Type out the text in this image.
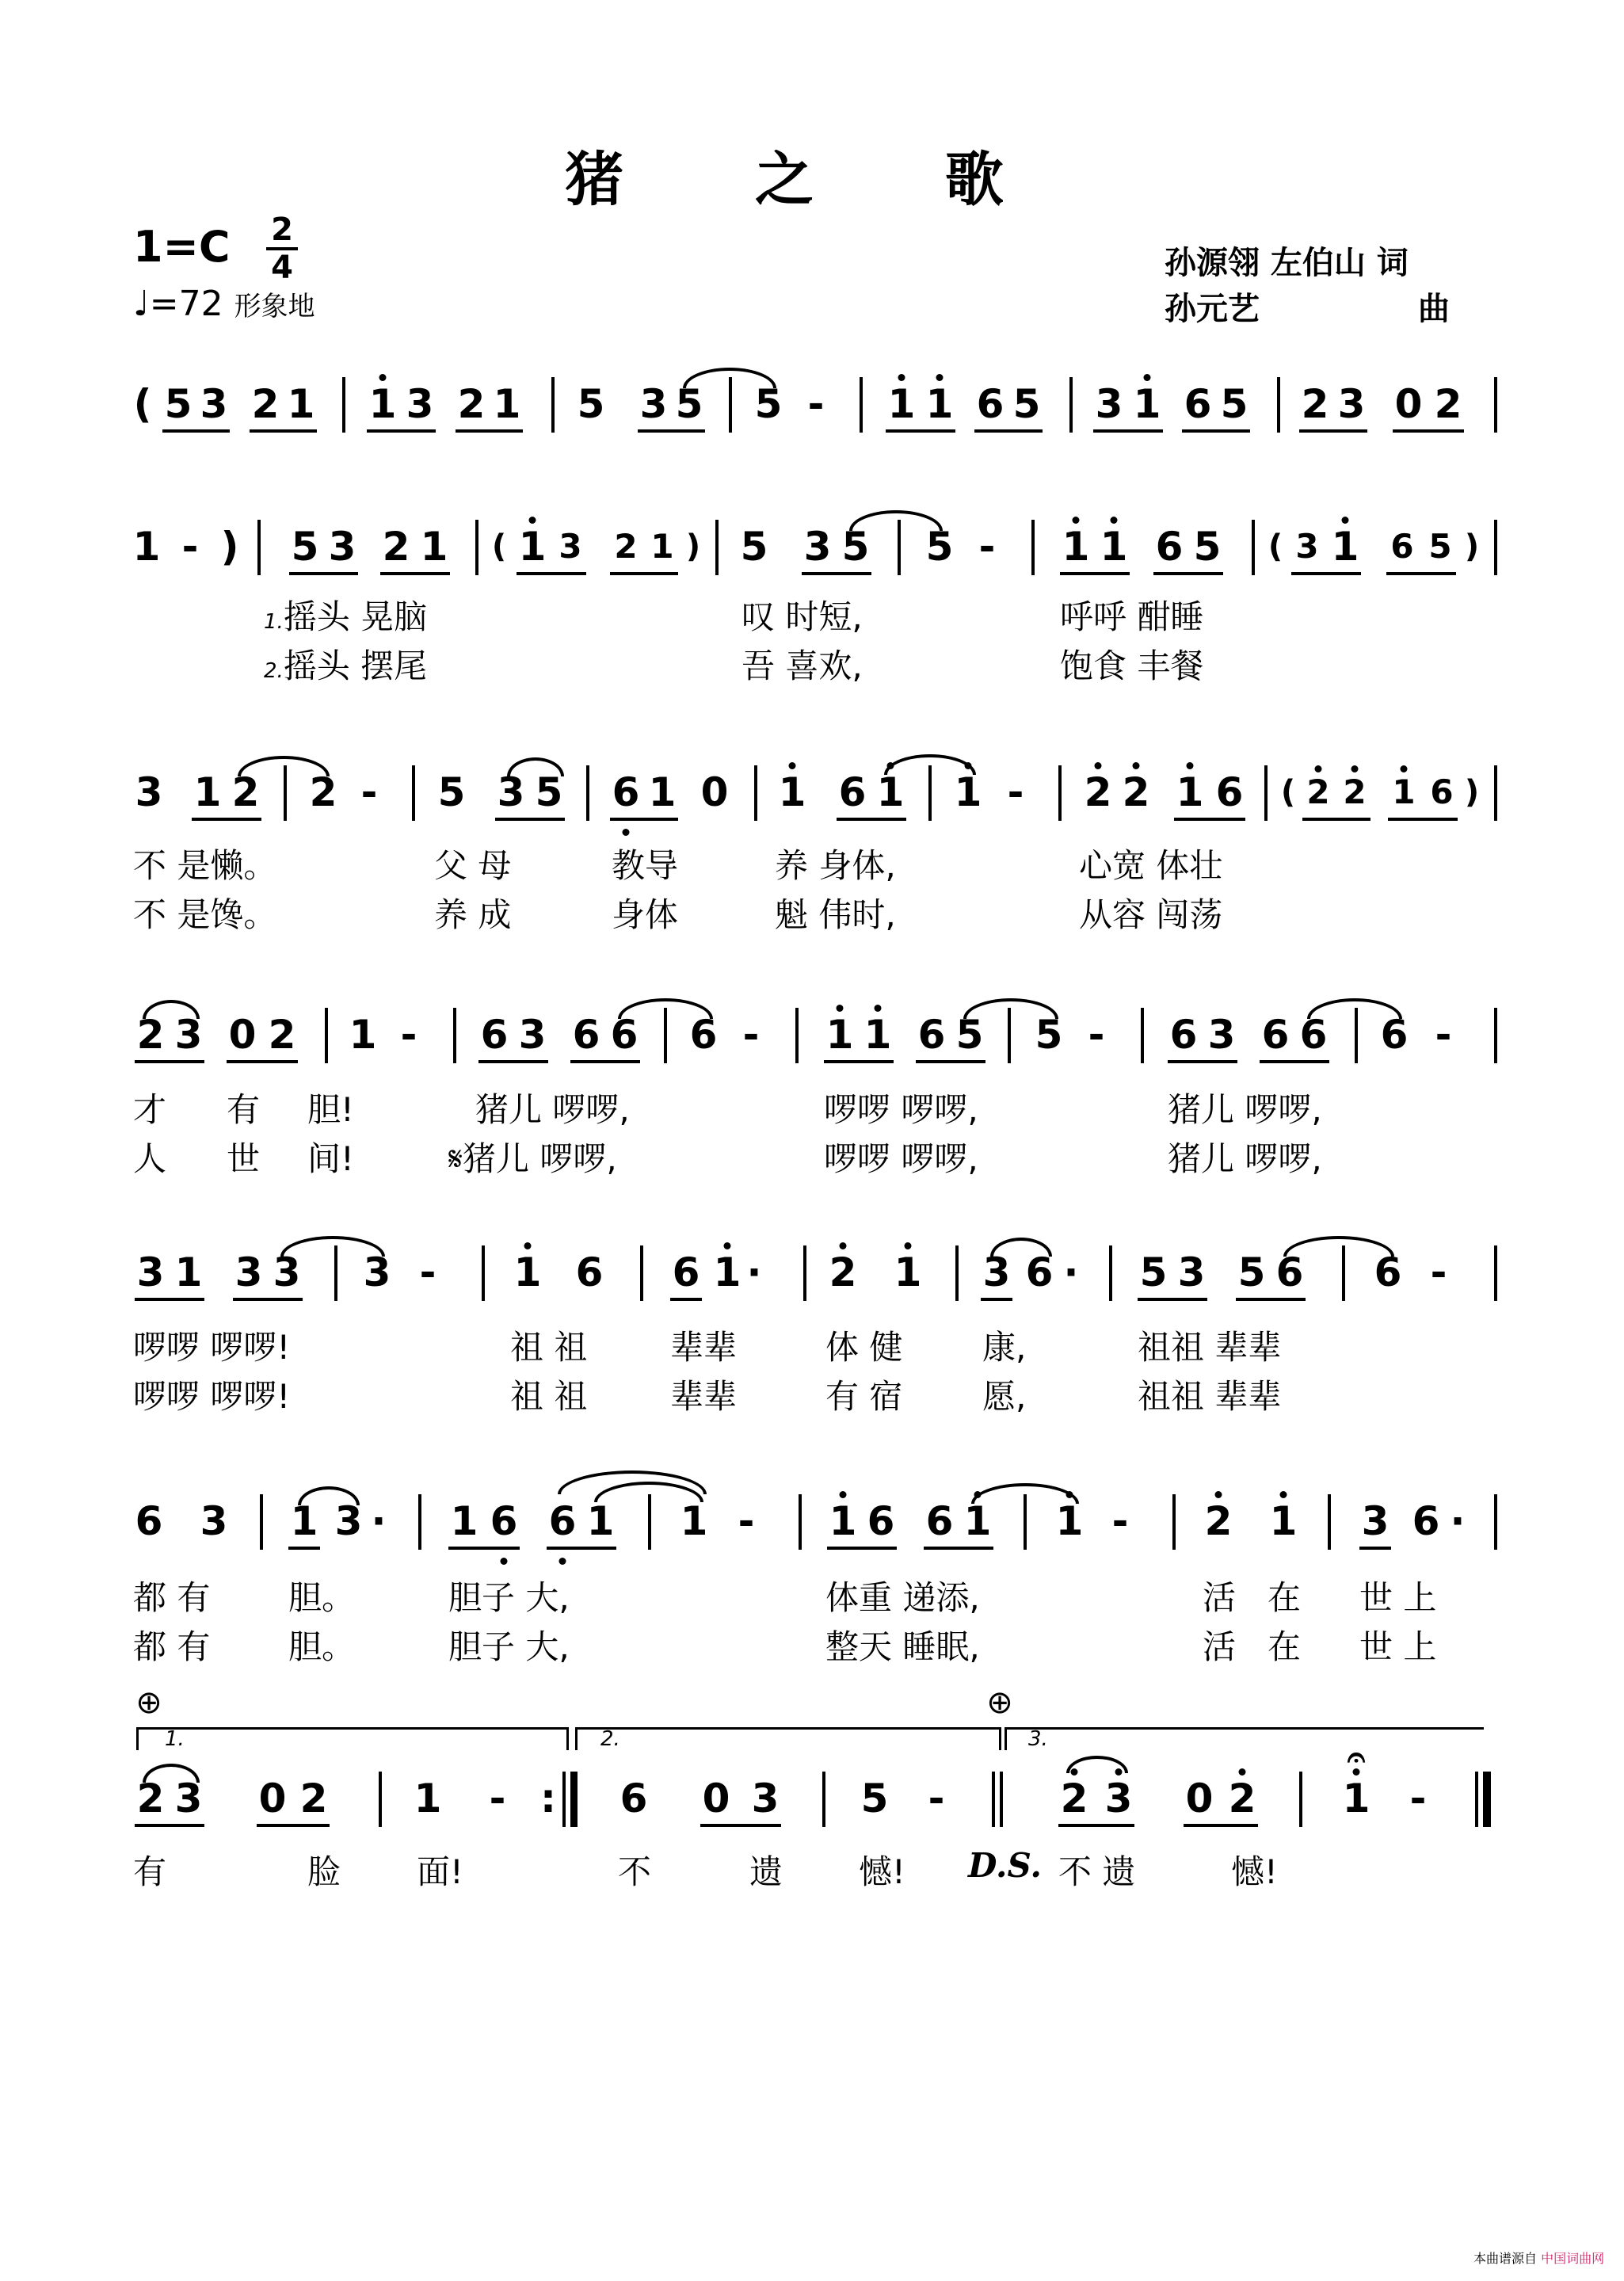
猪 之 歌
1=C 2
4
♩=72 形象地
孙源翎 左伯山 词
孙元艺	曲
( 5 3 2 1 1 3 2 1 5 3 5 5 - 1 1 6 5 3 1 6 5 2 3 0 2
1 - ) 5 3 2 1 ( 1 3 2 1 ) 5 3 5 5 - 1 1 6 5 ( 3 1 6 5 )
1.摇头 晃脑	叹 时短,	呼呼 酣睡
2.摇头 摆尾	吾 喜欢,	饱食 丰餐
3 1 2 2 - 5 3 5 6 1 0 1 6 1 1 - 2 2 1 6 ( 2 2 1 6 )
不 是懒。	父 母	教导	养 身体,	心宽 体壮
不 是馋。	养 成	身体	魁 伟时,	从容 闯荡
2 3 0 2 1 - 6 3 6 6 6 - 1 1 6 5 5 - 6 3 6 6 6 -
才 有 胆!	猪儿 啰啰,	啰啰 啰啰,	猪儿 啰啰,
人 世 间!	𝄋猪儿 啰啰,	啰啰 啰啰,	猪儿 啰啰,
3 1 3 3 3 - 1 6 6 1 · 2 1 3 6 · 5 3 5 6 6 -
啰啰 啰啰!	祖 祖 辈辈	体 健 康,	祖祖 辈辈
啰啰 啰啰!	祖 祖 辈辈	有 宿 愿,	祖祖 辈辈
6 3 1 3 · 1 6 6 1 1 - 1 6 6 1 1 - 2 1 3 6 ·
都 有 胆。	胆子 大,	体重 递添,	活 在 世 上
都 有 胆。	胆子 大,	整天 睡眠,	活 在 世 上
⊕	⊕
1.	2.	3.
2 3 0 2 1 - : 6 0 3 5 -	2 3 0 2 1
𝄐
-
有	脸 面!	不	遗 憾! D.S. 不 遗	憾!
本曲谱源自 中国词曲网
